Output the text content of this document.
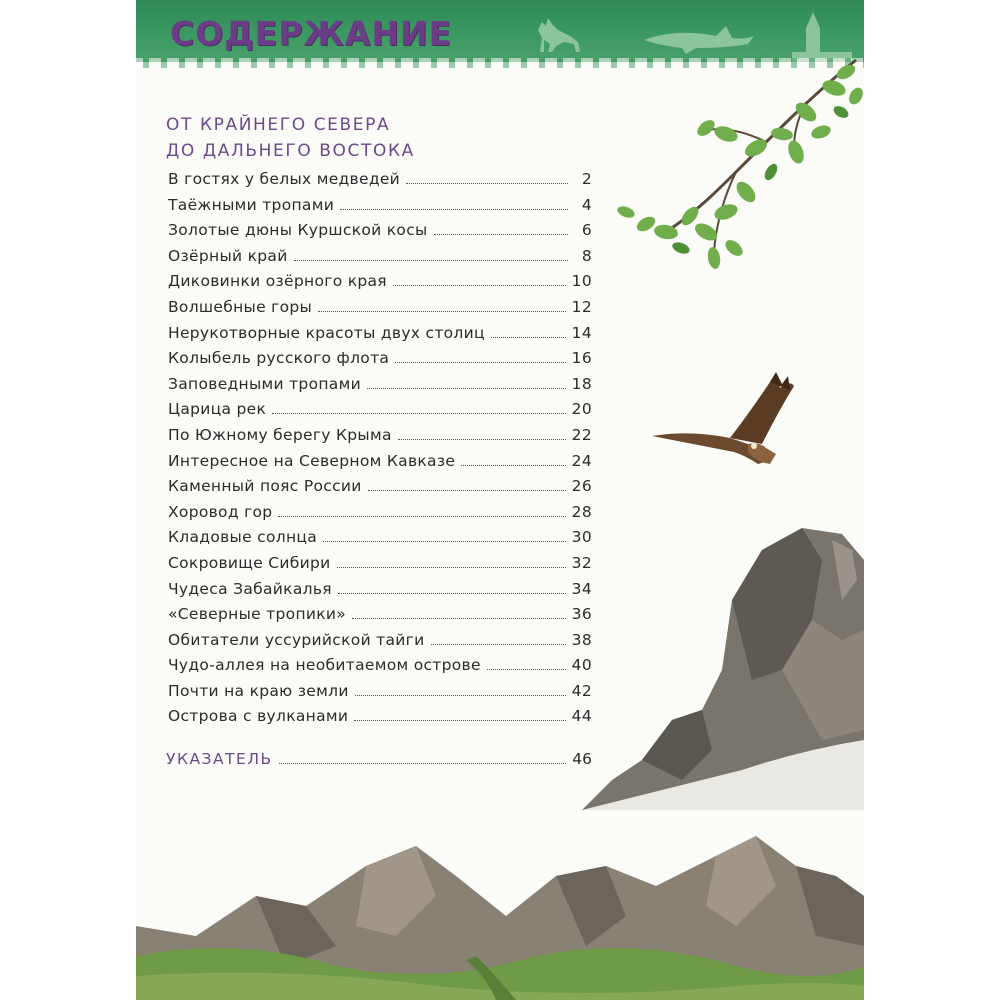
СОДЕРЖАНИЕ
ОТ КРАЙНЕГО СЕВЕРА
ДО ДАЛЬНЕГО ВОСТОКА
В гостях у белых медведей	2
Таёжными тропами	4
Золотые дюны Куршской косы	6
Озёрный край	8
Диковинки озёрного края	10
Волшебные горы	12
Нерукотворные красоты двух столиц	14
Колыбель русского флота	16
Заповедными тропами	18
Царица рек	20
По Южному берегу Крыма	22
Интересное на Северном Кавказе	24
Каменный пояс России	26
Хоровод гор	28
Кладовые солнца	30
Сокровище Сибири	32
Чудеса Забайкалья	34
«Северные тропики»	36
Обитатели уссурийской тайги	38
Чудо-аллея на необитаемом острове	40
Почти на краю земли	42
Острова с вулканами	44
УКАЗАТЕЛЬ	46
